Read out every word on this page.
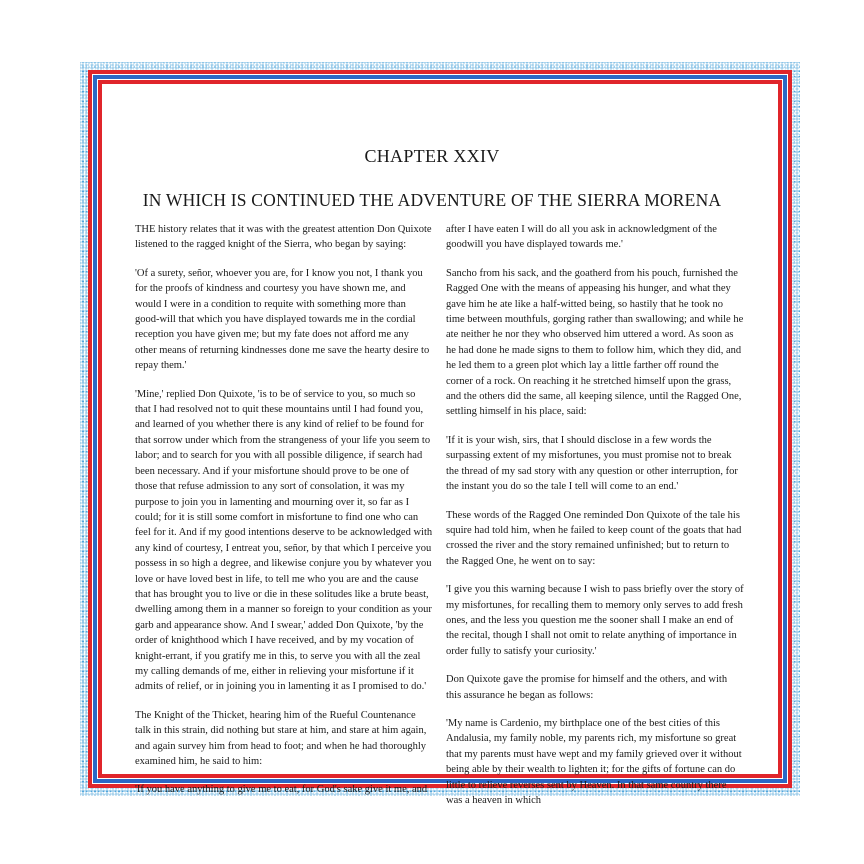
CHAPTER XXIV
IN WHICH IS CONTINUED THE ADVENTURE OF THE SIERRA MORENA

THE history relates that it was with the greatest attention Don Quixote listened to the ragged knight of the Sierra, who began by saying:

'Of a surety, señor, whoever you are, for I know you not, I thank you for the proofs of kindness and courtesy you have shown me, and would I were in a condition to requite with something more than good-will that which you have displayed towards me in the cordial reception you have given me; but my fate does not afford me any other means of returning kindnesses done me save the hearty desire to repay them.'

'Mine,' replied Don Quixote, 'is to be of service to you, so much so that I had resolved not to quit these mountains until I had found you, and learned of you whether there is any kind of relief to be found for that sorrow under which from the strangeness of your life you seem to labor; and to search for you with all possible diligence, if search had been necessary. And if your misfortune should prove to be one of those that refuse admission to any sort of consolation, it was my purpose to join you in lamenting and mourning over it, so far as I could; for it is still some comfort in misfortune to find one who can feel for it. And if my good intentions deserve to be acknowledged with any kind of courtesy, I entreat you, señor, by that which I perceive you possess in so high a degree, and likewise conjure you by whatever you love or have loved best in life, to tell me who you are and the cause that has brought you to live or die in these solitudes like a brute beast, dwelling among them in a manner so foreign to your condition as your garb and appearance show. And I swear,' added Don Quixote, 'by the order of knighthood which I have received, and by my vocation of knight-errant, if you gratify me in this, to serve you with all the zeal my calling demands of me, either in relieving your misfortune if it admits of relief, or in joining you in lamenting it as I promised to do.'

The Knight of the Thicket, hearing him of the Rueful Countenance talk in this strain, did nothing but stare at him, and stare at him again, and again survey him from head to foot; and when he had thoroughly examined him, he said to him:

'If you have anything to give me to eat, for God's sake give it me, and

after I have eaten I will do all you ask in acknowledgment of the goodwill you have displayed towards me.'

Sancho from his sack, and the goatherd from his pouch, furnished the Ragged One with the means of appeasing his hunger, and what they gave him he ate like a half-witted being, so hastily that he took no time between mouthfuls, gorging rather than swallowing; and while he ate neither he nor they who observed him uttered a word. As soon as he had done he made signs to them to follow him, which they did, and he led them to a green plot which lay a little farther off round the corner of a rock. On reaching it he stretched himself upon the grass, and the others did the same, all keeping silence, until the Ragged One, settling himself in his place, said:

'If it is your wish, sirs, that I should disclose in a few words the surpassing extent of my misfortunes, you must promise not to break the thread of my sad story with any question or other interruption, for the instant you do so the tale I tell will come to an end.'

These words of the Ragged One reminded Don Quixote of the tale his squire had told him, when he failed to keep count of the goats that had crossed the river and the story remained unfinished; but to return to the Ragged One, he went on to say:

'I give you this warning because I wish to pass briefly over the story of my misfortunes, for recalling them to memory only serves to add fresh ones, and the less you question me the sooner shall I make an end of the recital, though I shall not omit to relate anything of importance in order fully to satisfy your curiosity.'

Don Quixote gave the promise for himself and the others, and with this assurance he began as follows:

'My name is Cardenio, my birthplace one of the best cities of this Andalusia, my family noble, my parents rich, my misfortune so great that my parents must have wept and my family grieved over it without being able by their wealth to lighten it; for the gifts of fortune can do little to relieve reverses sent by Heaven. In that same country there was a heaven in which
